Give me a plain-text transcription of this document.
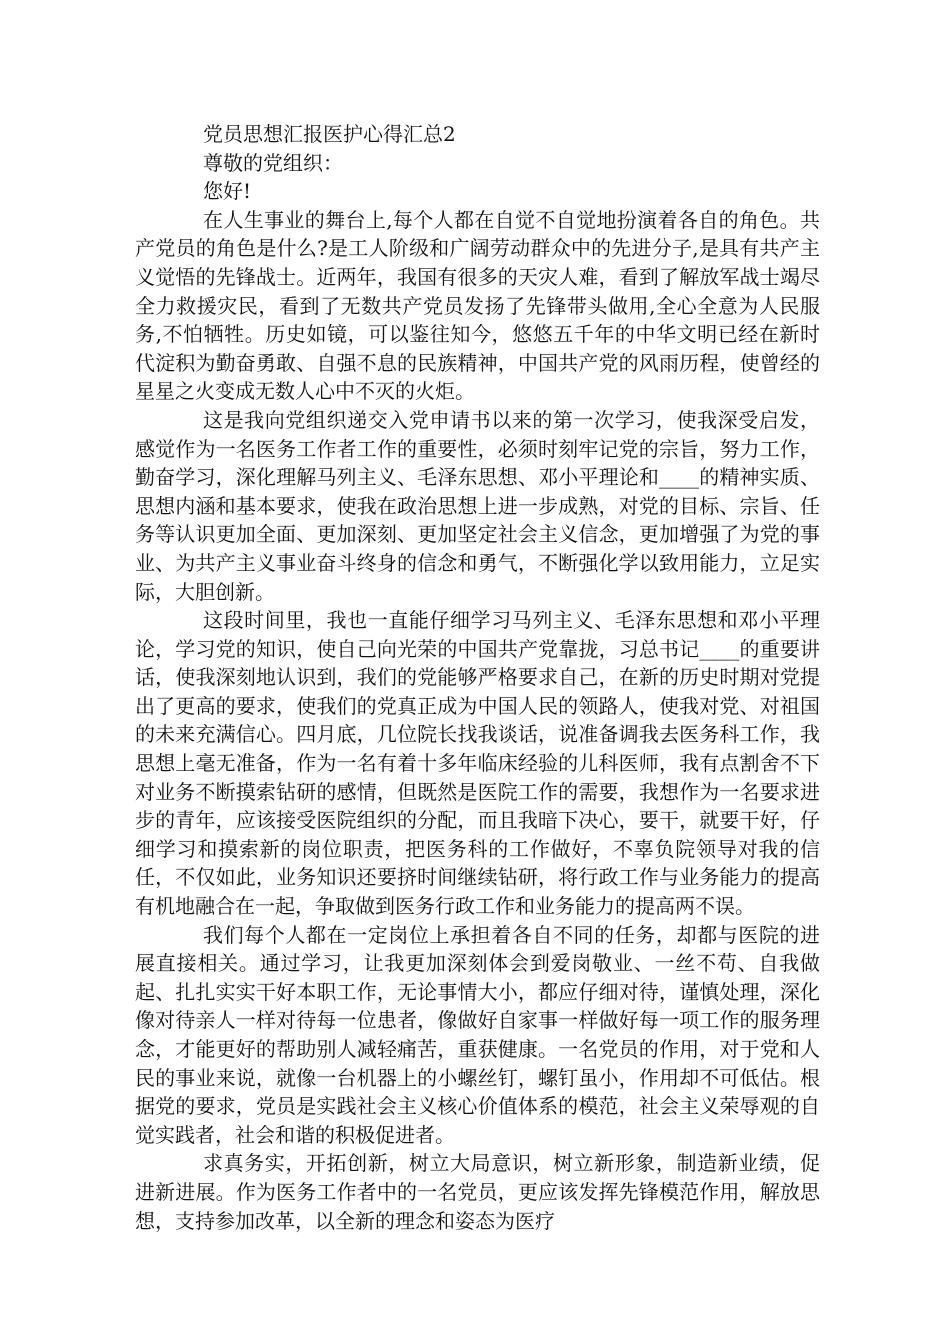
党员思想汇报医护心得汇总2

尊敬的党组织：

您好!

在人生事业的舞台上,每个人都在自觉不自觉地扮演着各自的角色。共产党员的角色是什么?是工人阶级和广阔劳动群众中的先进分子,是具有共产主义觉悟的先锋战士。近两年，我国有很多的天灾人难，看到了解放军战士竭尽全力救援灾民，看到了无数共产党员发扬了先锋带头做用,全心全意为人民服务,不怕牺牲。历史如镜，可以鉴往知今，悠悠五千年的中华文明已经在新时代淀积为勤奋勇敢、自强不息的民族精神，中国共产党的风雨历程，使曾经的星星之火变成无数人心中不灭的火炬。

这是我向党组织递交入党申请书以来的第一次学习，使我深受启发，感觉作为一名医务工作者工作的重要性，必须时刻牢记党的宗旨，努力工作，勤奋学习，深化理解马列主义、毛泽东思想、邓小平理论和____的精神实质、思想内涵和基本要求，使我在政治思想上进一步成熟，对党的目标、宗旨、任务等认识更加全面、更加深刻、更加坚定社会主义信念，更加增强了为党的事业、为共产主义事业奋斗终身的信念和勇气，不断强化学以致用能力，立足实际，大胆创新。

这段时间里，我也一直能仔细学习马列主义、毛泽东思想和邓小平理论，学习党的知识，使自己向光荣的中国共产党靠拢，习总书记____的重要讲话，使我深刻地认识到，我们的党能够严格要求自己，在新的历史时期对党提出了更高的要求，使我们的党真正成为中国人民的领路人，使我对党、对祖国的未来充满信心。四月底，几位院长找我谈话，说准备调我去医务科工作，我思想上毫无准备，作为一名有着十多年临床经验的儿科医师，我有点割舍不下对业务不断摸索钻研的感情，但既然是医院工作的需要，我想作为一名要求进步的青年，应该接受医院组织的分配，而且我暗下决心，要干，就要干好，仔细学习和摸索新的岗位职责，把医务科的工作做好，不辜负院领导对我的信任，不仅如此，业务知识还要挤时间继续钻研，将行政工作与业务能力的提高有机地融合在一起，争取做到医务行政工作和业务能力的提高两不误。

我们每个人都在一定岗位上承担着各自不同的任务，却都与医院的进展直接相关。通过学习，让我更加深刻体会到爱岗敬业、一丝不苟、自我做起、扎扎实实干好本职工作，无论事情大小，都应仔细对待，谨慎处理，深化像对待亲人一样对待每一位患者，像做好自家事一样做好每一项工作的服务理念，才能更好的帮助别人减轻痛苦，重获健康。一名党员的作用，对于党和人民的事业来说，就像一台机器上的小螺丝钉，螺钉虽小，作用却不可低估。根据党的要求，党员是实践社会主义核心价值体系的模范，社会主义荣辱观的自觉实践者，社会和谐的积极促进者。

求真务实，开拓创新，树立大局意识，树立新形象，制造新业绩，促进新进展。作为医务工作者中的一名党员，更应该发挥先锋模范作用，解放思想，支持参加改革，以全新的理念和姿态为医疗
